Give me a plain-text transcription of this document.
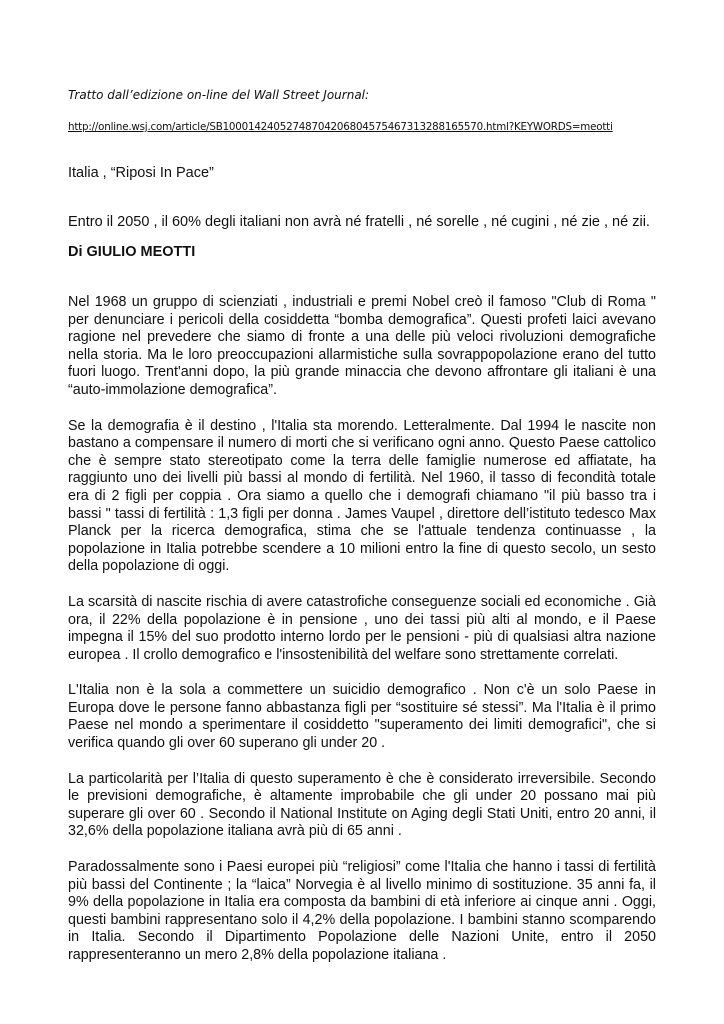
Tratto dall’edizione on-line del Wall Street Journal:
http://online.wsj.com/article/SB10001424052748704206804575467313288165570.html?KEYWORDS=meotti
Italia , “Riposi In Pace”

Entro il 2050 , il 60% degli italiani non avrà né fratelli , né sorelle , né cugini , né zie , né zii.

Di GIULIO MEOTTI

Nel 1968 un gruppo di scienziati , industriali e premi Nobel creò il famoso "Club di Roma " per denunciare i pericoli della cosiddetta “bomba demografica”. Questi profeti laici avevano ragione nel prevedere che siamo di fronte a una delle più veloci rivoluzioni demografiche nella storia. Ma le loro preoccupazioni allarmistiche sulla sovrappopolazione erano del tutto fuori luogo. Trent'anni dopo, la più grande minaccia che devono affrontare gli italiani è una “auto-immolazione demografica”.

Se la demografia è il destino , l'Italia sta morendo. Letteralmente. Dal 1994 le nascite non bastano a compensare il numero di morti che si verificano ogni anno. Questo Paese cattolico che è sempre stato stereotipato come la terra delle famiglie numerose ed affiatate, ha raggiunto uno dei livelli più bassi al mondo di fertilità. Nel 1960, il tasso di fecondità totale era di 2 figli per coppia . Ora siamo a quello che i demografi chiamano "il più basso tra i bassi " tassi di fertilità : 1,3 figli per donna . James Vaupel , direttore dell’istituto tedesco Max Planck per la ricerca demografica, stima che se l'attuale tendenza continuasse , la popolazione in Italia potrebbe scendere a 10 milioni entro la fine di questo secolo, un sesto della popolazione di oggi.

La scarsità di nascite rischia di avere catastrofiche conseguenze sociali ed economiche . Già ora, il 22% della popolazione è in pensione , uno dei tassi più alti al mondo, e il Paese impegna il 15% del suo prodotto interno lordo per le pensioni - più di qualsiasi altra nazione europea . Il crollo demografico e l'insostenibilità del welfare sono strettamente correlati.

L'Italia non è la sola a commettere un suicidio demografico . Non c'è un solo Paese in Europa dove le persone fanno abbastanza figli per “sostituire sé stessi”. Ma l'Italia è il primo Paese nel mondo a sperimentare il cosiddetto "superamento dei limiti demografici", che si verifica quando gli over 60 superano gli under 20 .

La particolarità per l’Italia di questo superamento è che è considerato irreversibile. Secondo le previsioni demografiche, è altamente improbabile che gli under 20 possano mai più superare gli over 60 . Secondo il National Institute on Aging degli Stati Uniti, entro 20 anni, il 32,6% della popolazione italiana avrà più di 65 anni .

Paradossalmente sono i Paesi europei più “religiosi” come l'Italia che hanno i tassi di fertilità più bassi del Continente ; la “laica” Norvegia è al livello minimo di sostituzione. 35 anni fa, il 9% della popolazione in Italia era composta da bambini di età inferiore ai cinque anni . Oggi, questi bambini rappresentano solo il 4,2% della popolazione. I bambini stanno scomparendo in Italia. Secondo il Dipartimento Popolazione delle Nazioni Unite, entro il 2050 rappresenteranno un mero 2,8% della popolazione italiana .
